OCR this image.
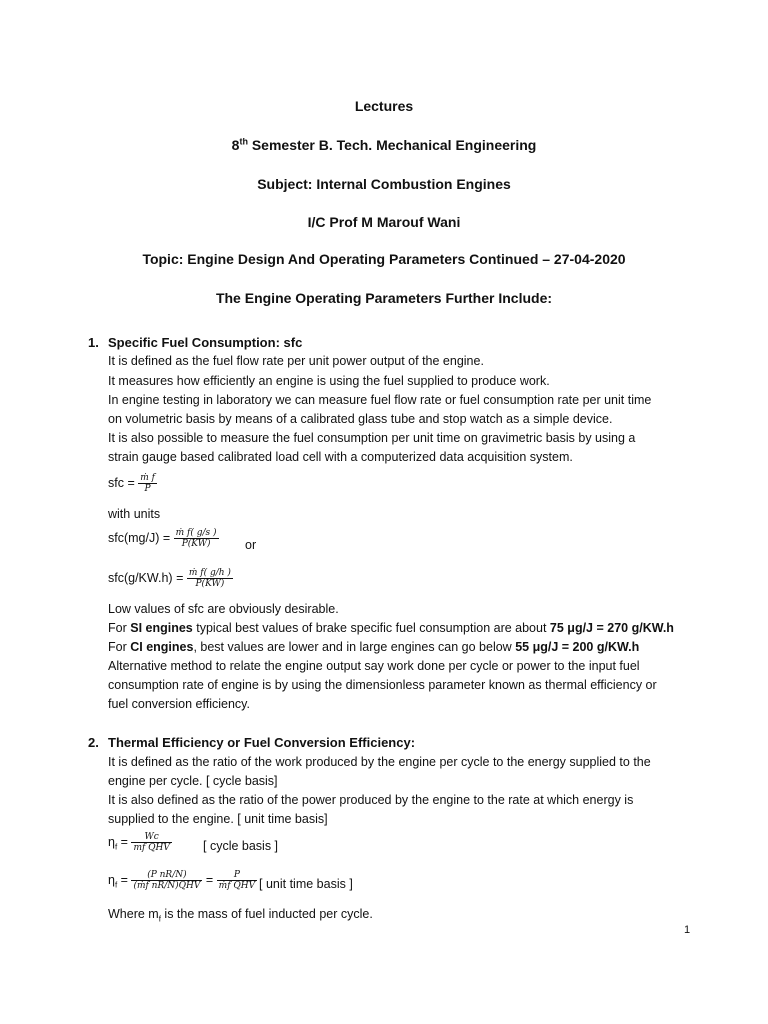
Lectures
8th Semester B. Tech. Mechanical Engineering
Subject: Internal Combustion Engines
I/C Prof M Marouf Wani
Topic: Engine Design And Operating Parameters Continued – 27-04-2020
The Engine Operating Parameters Further Include:
1. Specific Fuel Consumption: sfc
It is defined as the fuel flow rate per unit power output of the engine.
It measures how efficiently an engine is using the fuel supplied to produce work.
In engine testing in laboratory we can measure fuel flow rate or fuel consumption rate per unit time
on volumetric basis by means of a calibrated glass tube and stop watch as a simple device.
It is also possible to measure the fuel consumption per unit time on gravimetric basis by using a
strain gauge based calibrated load cell with a computerized data acquisition system.
sfc = $\frac{\text{ṁ f}}{P}$
with units
$sfc(mg/J) = \frac{\text{ṁ f( g/s )}}{P(KW)}$ or
$sfc(g/KW.h) = \frac{\text{ṁ f( g/h )}}{P(KW)}$
Low values of sfc are obviously desirable.
For SI engines typical best values of brake specific fuel consumption are about 75 μg/J = 270 g/KW.h
For CI engines, best values are lower and in large engines can go below 55 μg/J = 200 g/KW.h
Alternative method to relate the engine output say work done per cycle or power to the input fuel
consumption rate of engine is by using the dimensionless parameter known as thermal efficiency or
fuel conversion efficiency.
2. Thermal Efficiency or Fuel Conversion Efficiency:
It is defined as the ratio of the work produced by the engine per cycle to the energy supplied to the
engine per cycle. [ cycle basis]
It is also defined as the ratio of the power produced by the engine to the rate at which energy is
supplied to the engine. [ unit time basis]
$\eta_f = \frac{Wc}{\text{mf QHV}}$ [ cycle basis ]
$\eta_f = \frac{\text{(P nR/N)}}{\text{(ṁf nR/N)QHV}} = \frac{P}{\text{ṁf QHV}}$ [ unit time basis ]
Where $m_f$ is the mass of fuel inducted per cycle.
1
